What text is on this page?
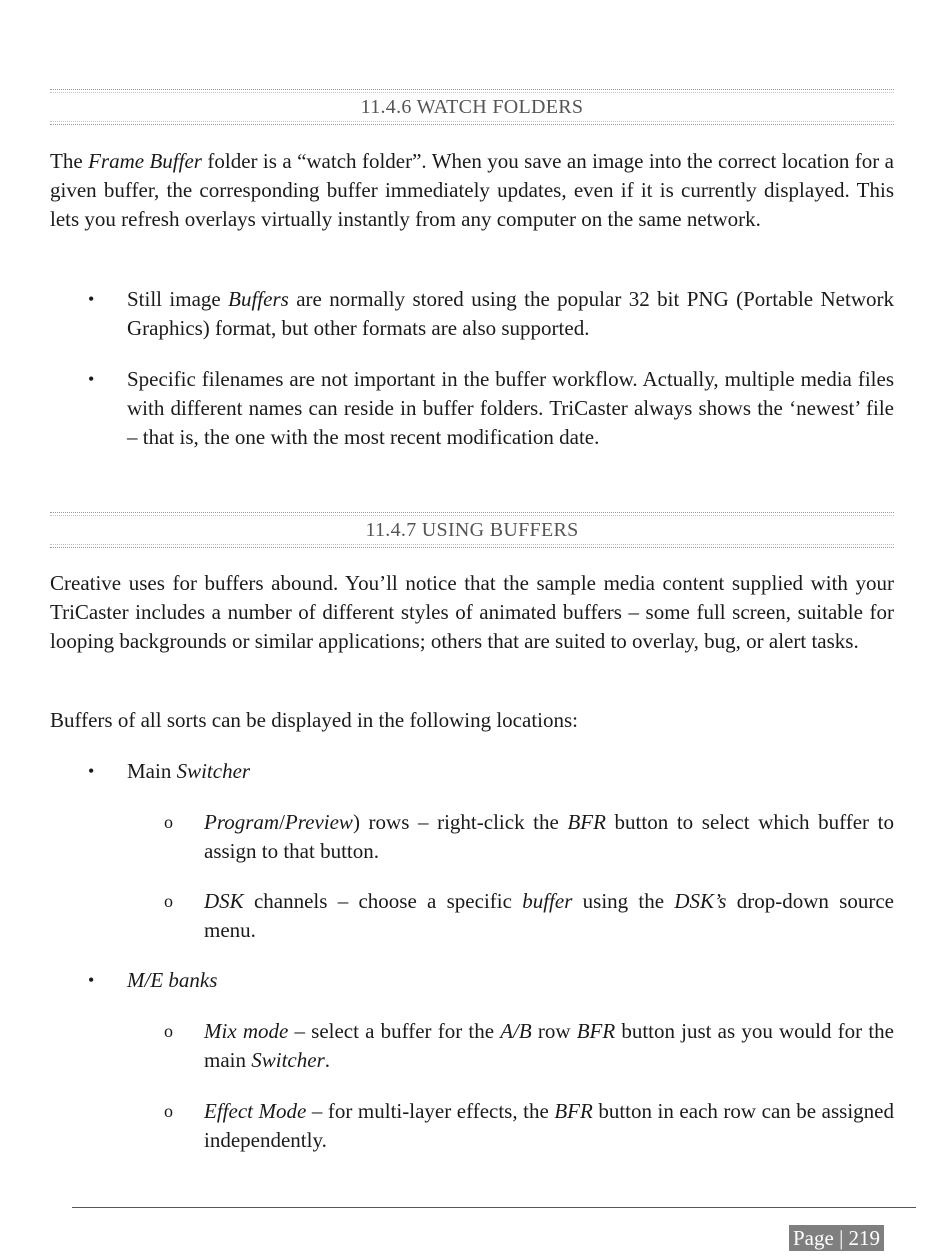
11.4.6 WATCH FOLDERS

The Frame Buffer folder is a “watch folder”. When you save an image into the correct location for a given buffer, the corresponding buffer immediately updates, even if it is currently displayed. This lets you refresh overlays virtually instantly from any computer on the same network.

• Still image Buffers are normally stored using the popular 32 bit PNG (Portable Network Graphics) format, but other formats are also supported.
• Specific filenames are not important in the buffer workflow. Actually, multiple media files with different names can reside in buffer folders. TriCaster always shows the ‘newest’ file – that is, the one with the most recent modification date.
11.4.7 USING BUFFERS

Creative uses for buffers abound. You’ll notice that the sample media content supplied with your TriCaster includes a number of different styles of animated buffers – some full screen, suitable for looping backgrounds or similar applications; others that are suited to overlay, bug, or alert tasks.

Buffers of all sorts can be displayed in the following locations:

• Main Switcher
o Program/Preview) rows – right-click the BFR button to select which buffer to assign to that button.
o DSK channels – choose a specific buffer using the DSK’s drop-down source menu.
• M/E banks
o Mix mode – select a buffer for the A/B row BFR button just as you would for the main Switcher.
o Effect Mode – for multi-layer effects, the BFR button in each row can be assigned independently.
Page | 219
